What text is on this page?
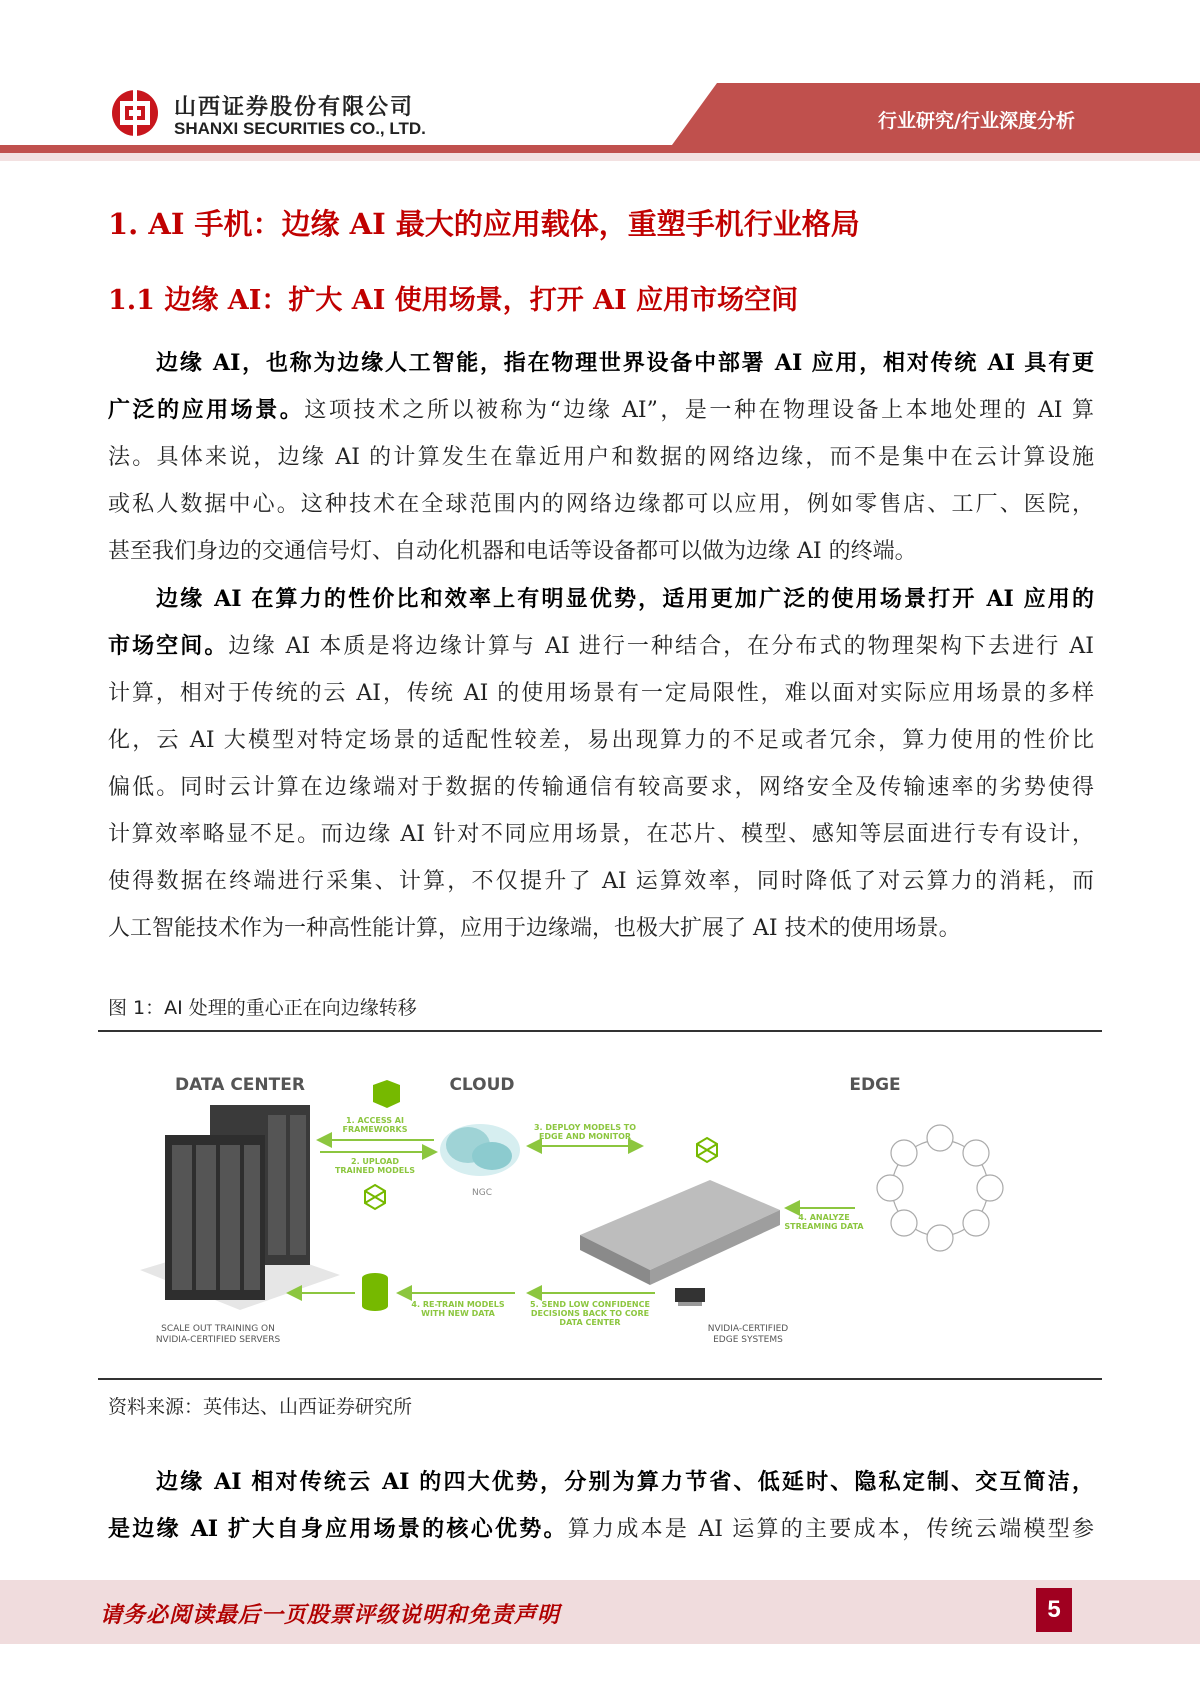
山西证券股份有限公司
SHANXI SECURITIES CO., LTD.	行业研究/行业深度分析
1. AI 手机：边缘 AI 最大的应用载体，重塑手机行业格局
1.1 边缘 AI：扩大 AI 使用场景，打开 AI 应用市场空间
边缘 AI，也称为边缘人工智能，指在物理世界设备中部署 AI 应用，相对传统 AI 具有更
广泛的应用场景。这项技术之所以被称为“边缘 AI”，是一种在物理设备上本地处理的 AI 算
法。具体来说，边缘 AI 的计算发生在靠近用户和数据的网络边缘，而不是集中在云计算设施
或私人数据中心。这种技术在全球范围内的网络边缘都可以应用，例如零售店、工厂、医院，
甚至我们身边的交通信号灯、自动化机器和电话等设备都可以做为边缘 AI 的终端。
边缘 AI 在算力的性价比和效率上有明显优势，适用更加广泛的使用场景打开 AI 应用的
市场空间。边缘 AI 本质是将边缘计算与 AI 进行一种结合，在分布式的物理架构下去进行 AI
计算，相对于传统的云 AI，传统 AI 的使用场景有一定局限性，难以面对实际应用场景的多样
化，云 AI 大模型对特定场景的适配性较差，易出现算力的不足或者冗余，算力使用的性价比
偏低。同时云计算在边缘端对于数据的传输通信有较高要求，网络安全及传输速率的劣势使得
计算效率略显不足。而边缘 AI 针对不同应用场景，在芯片、模型、感知等层面进行专有设计，
使得数据在终端进行采集、计算，不仅提升了 AI 运算效率，同时降低了对云算力的消耗，而
人工智能技术作为一种高性能计算，应用于边缘端，也极大扩展了 AI 技术的使用场景。
边缘 AI 相对传统云 AI 的四大优势，分别为算力节省、低延时、隐私定制、交互简洁，
是边缘 AI 扩大自身应用场景的核心优势。算力成本是 AI 运算的主要成本，传统云端模型参
图 1：AI 处理的重心正在向边缘转移
DATA CENTER	CLOUD	EDGE
1. ACCESS AI
FRAMEWORKS
2. UPLOAD
TRAINED MODELS
3. DEPLOY MODELS TO
EDGE AND MONITOR
4. ANALYZE
STREAMING DATA
4. RE-TRAIN MODELS
WITH NEW DATA
5. SEND LOW CONFIDENCE
DECISIONS BACK TO CORE
DATA CENTER
NGC
SCALE OUT TRAINING ON
NVIDIA-CERTIFIED SERVERS
NVIDIA-CERTIFIED
EDGE SYSTEMS
资料来源：英伟达、山西证券研究所
请务必阅读最后一页股票评级说明和免责声明	5
